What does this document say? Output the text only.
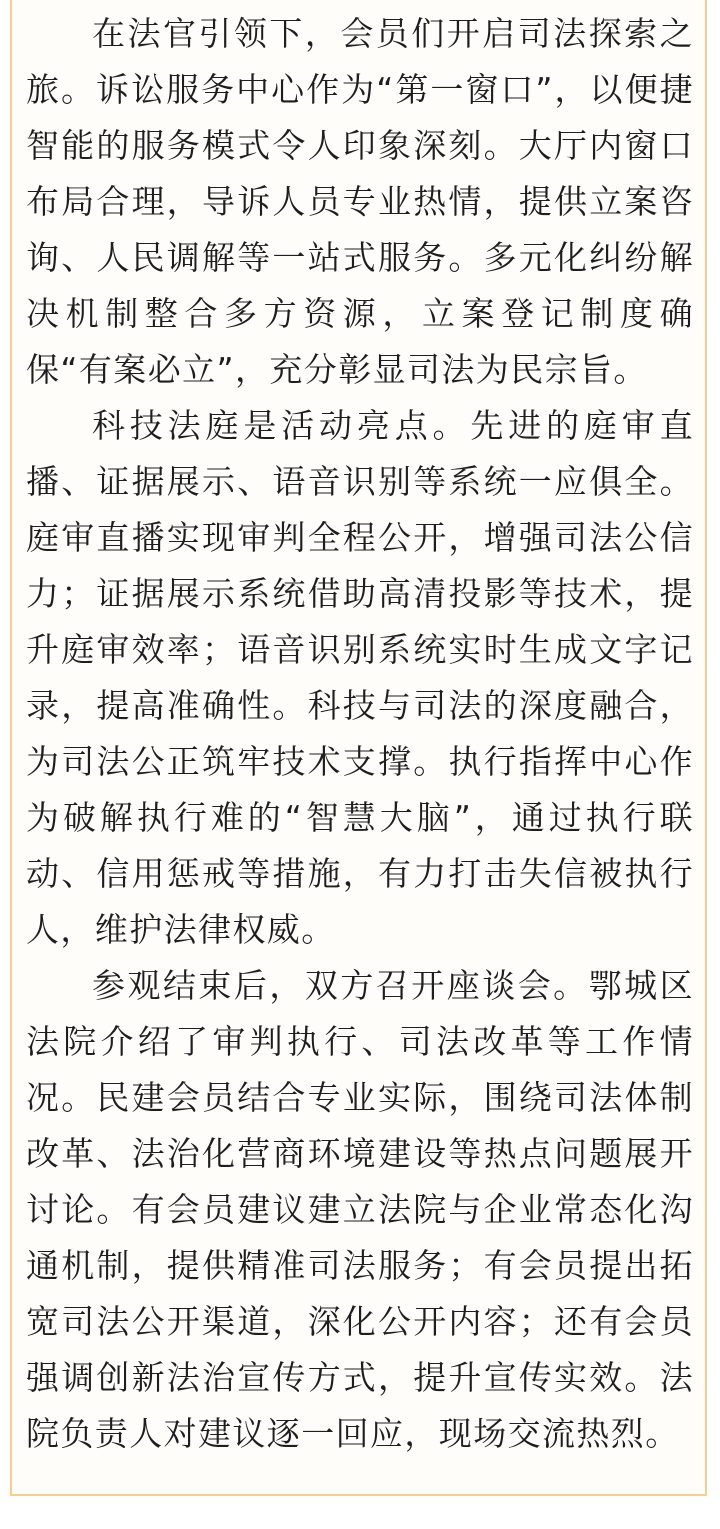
在法官引领下，会员们开启司法探索之旅。诉讼服务中心作为“第一窗口”，以便捷智能的服务模式令人印象深刻。大厅内窗口布局合理，导诉人员专业热情，提供立案咨询、人民调解等一站式服务。多元化纠纷解决机制整合多方资源，立案登记制度确保“有案必立”，充分彰显司法为民宗旨。

科技法庭是活动亮点。先进的庭审直播、证据展示、语音识别等系统一应俱全。庭审直播实现审判全程公开，增强司法公信力；证据展示系统借助高清投影等技术，提升庭审效率；语音识别系统实时生成文字记录，提高准确性。科技与司法的深度融合，为司法公正筑牢技术支撑。执行指挥中心作为破解执行难的“智慧大脑”，通过执行联动、信用惩戒等措施，有力打击失信被执行人，维护法律权威。

参观结束后，双方召开座谈会。鄂城区法院介绍了审判执行、司法改革等工作情况。民建会员结合专业实际，围绕司法体制改革、法治化营商环境建设等热点问题展开讨论。有会员建议建立法院与企业常态化沟通机制，提供精准司法服务；有会员提出拓宽司法公开渠道，深化公开内容；还有会员强调创新法治宣传方式，提升宣传实效。法院负责人对建议逐一回应，现场交流热烈。
